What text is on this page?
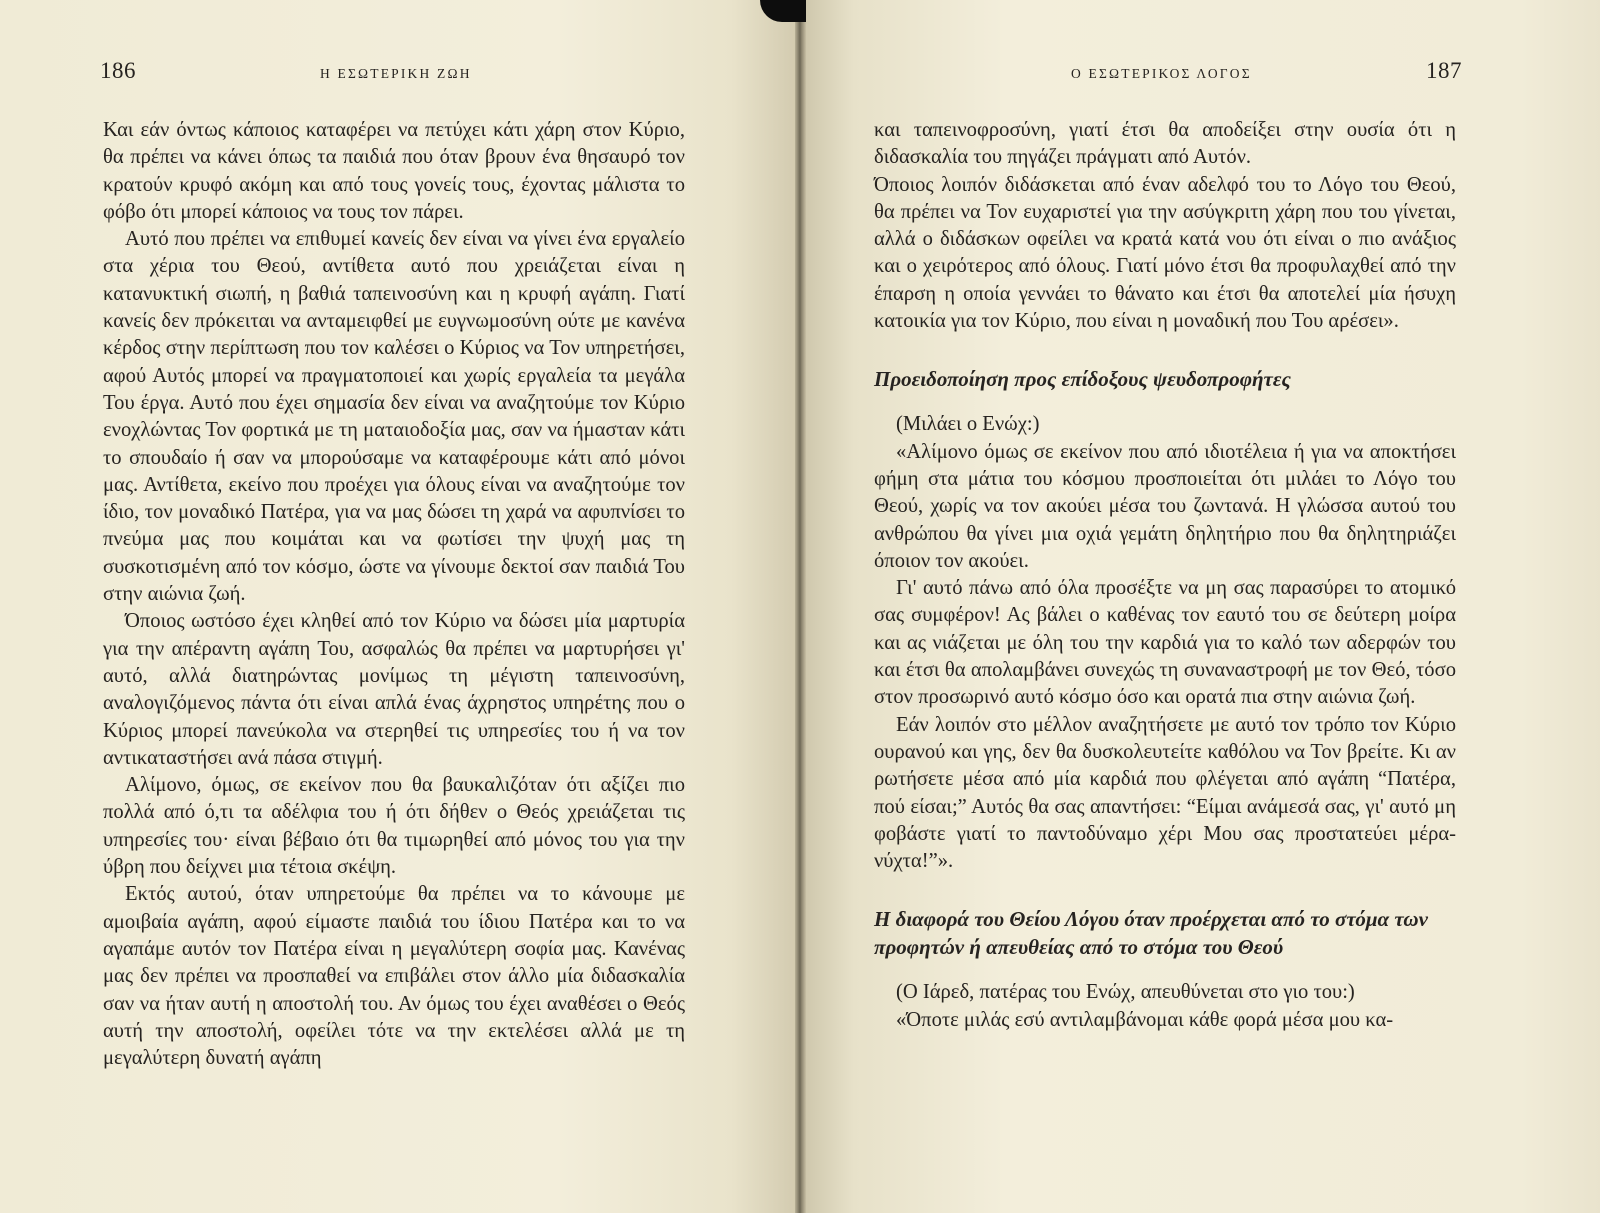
186	Η ΕΣΩΤΕΡΙΚΗ ΖΩΗ

Και εάν όντως κάποιος καταφέρει να πετύχει κάτι χάρη στον Κύριο, θα πρέπει να κάνει όπως τα παιδιά που όταν βρουν ένα θησαυρό τον κρατούν κρυφό ακόμη και από τους γονείς τους, έχοντας μάλιστα το φόβο ότι μπορεί κάποιος να τους τον πάρει.

Αυτό που πρέπει να επιθυμεί κανείς δεν είναι να γίνει ένα εργαλείο στα χέρια του Θεού, αντίθετα αυτό που χρειάζεται είναι η κατανυκτική σιωπή, η βαθιά ταπεινοσύνη και η κρυφή αγάπη. Γιατί κανείς δεν πρόκειται να ανταμειφθεί με ευγνωμοσύνη ούτε με κανένα κέρδος στην περίπτωση που τον καλέσει ο Κύριος να Τον υπηρετήσει, αφού Αυτός μπορεί να πραγματοποιεί και χωρίς εργαλεία τα μεγάλα Του έργα. Αυτό που έχει σημασία δεν είναι να αναζητούμε τον Κύριο ενοχλώντας Τον φορτικά με τη ματαιοδοξία μας, σαν να ήμασταν κάτι το σπουδαίο ή σαν να μπορούσαμε να καταφέρουμε κάτι από μόνοι μας. Αντίθετα, εκείνο που προέχει για όλους είναι να αναζητούμε τον ίδιο, τον μοναδικό Πατέρα, για να μας δώσει τη χαρά να αφυπνίσει το πνεύμα μας που κοιμάται και να φωτίσει την ψυχή μας τη συσκοτισμένη από τον κόσμο, ώστε να γίνουμε δεκτοί σαν παιδιά Του στην αιώνια ζωή.

Όποιος ωστόσο έχει κληθεί από τον Κύριο να δώσει μία μαρτυρία για την απέραντη αγάπη Του, ασφαλώς θα πρέπει να μαρτυρήσει γι' αυτό, αλλά διατηρώντας μονίμως τη μέγιστη ταπεινοσύνη, αναλογιζόμενος πάντα ότι είναι απλά ένας άχρηστος υπηρέτης που ο Κύριος μπορεί πανεύκολα να στερηθεί τις υπηρεσίες του ή να τον αντικαταστήσει ανά πάσα στιγμή.

Αλίμονο, όμως, σε εκείνον που θα βαυκαλιζόταν ότι αξίζει πιο πολλά από ό,τι τα αδέλφια του ή ότι δήθεν ο Θεός χρειάζεται τις υπηρεσίες του· είναι βέβαιο ότι θα τιμωρηθεί από μόνος του για την ύβρη που δείχνει μια τέτοια σκέψη.

Εκτός αυτού, όταν υπηρετούμε θα πρέπει να το κάνουμε με αμοιβαία αγάπη, αφού είμαστε παιδιά του ίδιου Πατέρα και το να αγαπάμε αυτόν τον Πατέρα είναι η μεγαλύτερη σοφία μας. Κανένας μας δεν πρέπει να προσπαθεί να επιβάλει στον άλλο μία διδασκαλία σαν να ήταν αυτή η αποστολή του. Αν όμως του έχει αναθέσει ο Θεός αυτή την αποστολή, οφείλει τότε να την εκτελέσει αλλά με τη μεγαλύτερη δυνατή αγάπη

Ο ΕΣΩΤΕΡΙΚΟΣ ΛΟΓΟΣ	187

και ταπεινοφροσύνη, γιατί έτσι θα αποδείξει στην ουσία ότι η διδασκαλία του πηγάζει πράγματι από Αυτόν.

Όποιος λοιπόν διδάσκεται από έναν αδελφό του το Λόγο του Θεού, θα πρέπει να Τον ευχαριστεί για την ασύγκριτη χάρη που του γίνεται, αλλά ο διδάσκων οφείλει να κρατά κατά νου ότι είναι ο πιο ανάξιος και ο χειρότερος από όλους. Γιατί μόνο έτσι θα προφυλαχθεί από την έπαρση η οποία γεννάει το θάνατο και έτσι θα αποτελεί μία ήσυχη κατοικία για τον Κύριο, που είναι η μοναδική που Του αρέσει».

Προειδοποίηση προς επίδοξους ψευδοπροφήτες

(Μιλάει ο Ενώχ:)

«Αλίμονο όμως σε εκείνον που από ιδιοτέλεια ή για να αποκτήσει φήμη στα μάτια του κόσμου προσποιείται ότι μιλάει το Λόγο του Θεού, χωρίς να τον ακούει μέσα του ζωντανά. Η γλώσσα αυτού του ανθρώπου θα γίνει μια οχιά γεμάτη δηλητήριο που θα δηλητηριάζει όποιον τον ακούει.

Γι' αυτό πάνω από όλα προσέξτε να μη σας παρασύρει το ατομικό σας συμφέρον! Ας βάλει ο καθένας τον εαυτό του σε δεύτερη μοίρα και ας νιάζεται με όλη του την καρδιά για το καλό των αδερφών του και έτσι θα απολαμβάνει συνεχώς τη συναναστροφή με τον Θεό, τόσο στον προσωρινό αυτό κόσμο όσο και ορατά πια στην αιώνια ζωή.

Εάν λοιπόν στο μέλλον αναζητήσετε με αυτό τον τρόπο τον Κύριο ουρανού και γης, δεν θα δυσκολευτείτε καθόλου να Τον βρείτε. Κι αν ρωτήσετε μέσα από μία καρδιά που φλέγεται από αγάπη “Πατέρα, πού είσαι;” Αυτός θα σας απαντήσει: “Είμαι ανάμεσά σας, γι' αυτό μη φοβάστε γιατί το παντοδύναμο χέρι Μου σας προστατεύει μέρα-νύχτα!”».

Η διαφορά του Θείου Λόγου όταν προέρχεται από το στόμα των προφητών ή απευθείας από το στόμα του Θεού

(Ο Ιάρεδ, πατέρας του Ενώχ, απευθύνεται στο γιο του:)

«Όποτε μιλάς εσύ αντιλαμβάνομαι κάθε φορά μέσα μου κα-
